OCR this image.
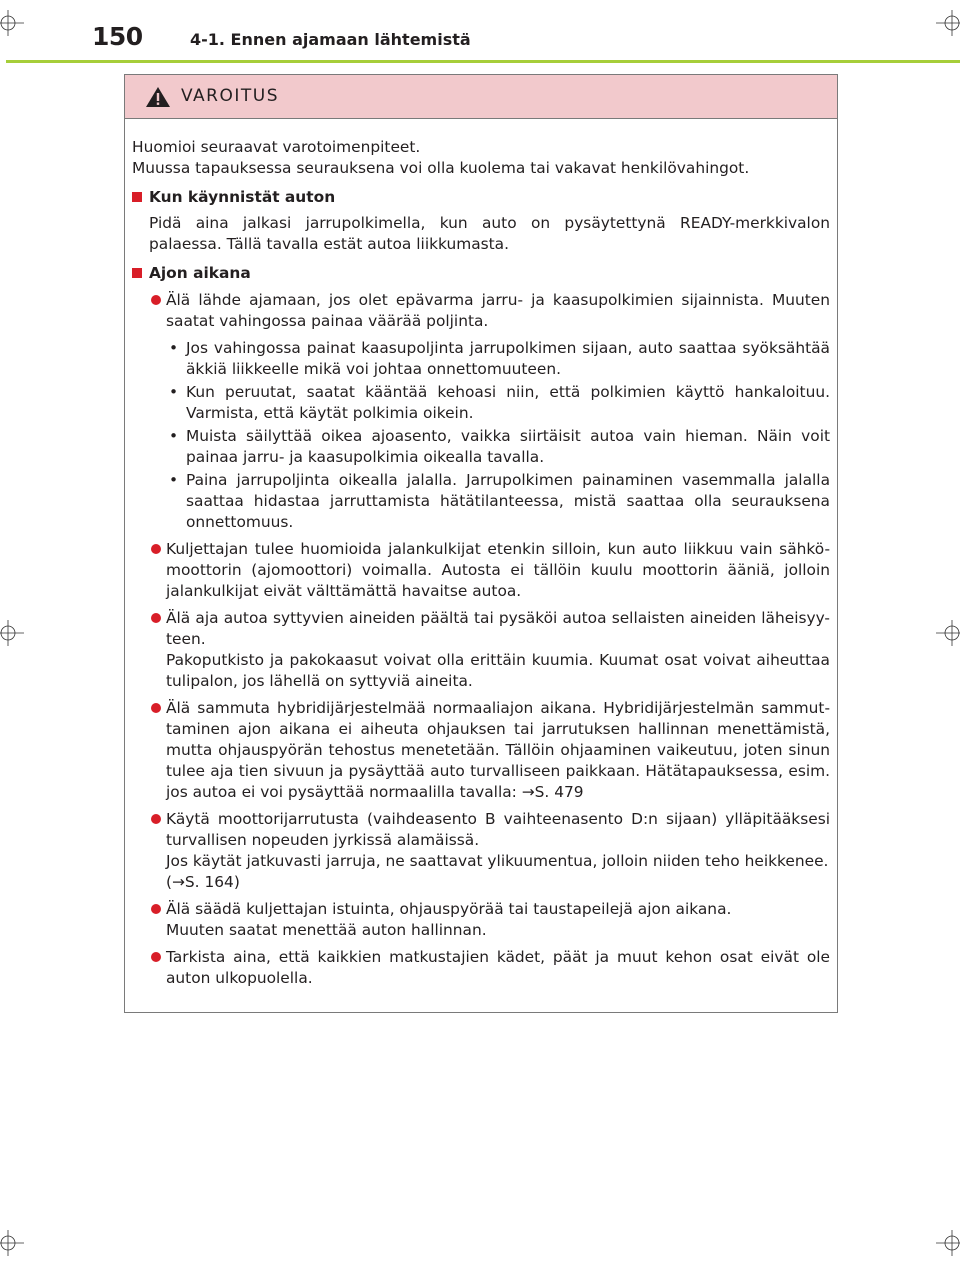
150	4-1. Ennen ajamaan lähtemistä
VAROITUS

Huomioi seuraavat varotoimenpiteet.
Muussa tapauksessa seurauksena voi olla kuolema tai vakavat henkilövahingot.

Kun käynnistät auton

Pidä aina jalkasi jarrupolkimella, kun auto on pysäytettynä READY-merkkivalon palaessa. Tällä tavalla estät autoa liikkumasta.

Ajon aikana

Älä lähde ajamaan, jos olet epävarma jarru- ja kaasupolkimien sijainnista. Muuten saatat vahingossa painaa väärää poljinta.
• Jos vahingossa painat kaasupoljinta jarrupolkimen sijaan, auto saattaa syöksähtää äkkiä liikkeelle mikä voi johtaa onnettomuuteen.
• Kun peruutat, saatat kääntää kehoasi niin, että polkimien käyttö hankaloituu. Varmista, että käytät polkimia oikein.
• Muista säilyttää oikea ajoasento, vaikka siirtäisit autoa vain hieman. Näin voit painaa jarru- ja kaasupolkimia oikealla tavalla.
• Paina jarrupoljinta oikealla jalalla. Jarrupolkimen painaminen vasemmalla jalalla saattaa hidastaa jarruttamista hätätilanteessa, mistä saattaa olla seurauksena onnettomuus.
Kuljettajan tulee huomioida jalankulkijat etenkin silloin, kun auto liikkuu vain sähkö-moottorin (ajomoottori) voimalla. Autosta ei tällöin kuulu moottorin ääniä, jolloin jalankulkijat eivät välttämättä havaitse autoa.
Älä aja autoa syttyvien aineiden päältä tai pysäköi autoa sellaisten aineiden läheisyy-teen.
Pakoputkisto ja pakokaasut voivat olla erittäin kuumia. Kuumat osat voivat aiheuttaa tulipalon, jos lähellä on syttyviä aineita.
Älä sammuta hybridijärjestelmää normaaliajon aikana. Hybridijärjestelmän sammut-taminen ajon aikana ei aiheuta ohjauksen tai jarrutuksen hallinnan menettämistä, mutta ohjauspyörän tehostus menetetään. Tällöin ohjaaminen vaikeutuu, joten sinun tulee aja tien sivuun ja pysäyttää auto turvalliseen paikkaan. Hätätapauksessa, esim. jos autoa ei voi pysäyttää normaalilla tavalla: →S. 479
Käytä moottorijarrutusta (vaihdeasento B vaihteenasento D:n sijaan) ylläpitääksesi turvallisen nopeuden jyrkissä alamäissä.
Jos käytät jatkuvasti jarruja, ne saattavat ylikuumentua, jolloin niiden teho heikkenee.
(→S. 164)
Älä säädä kuljettajan istuinta, ohjauspyörää tai taustapeilejä ajon aikana.
Muuten saatat menettää auton hallinnan.
Tarkista aina, että kaikkien matkustajien kädet, päät ja muut kehon osat eivät ole auton ulkopuolella.
